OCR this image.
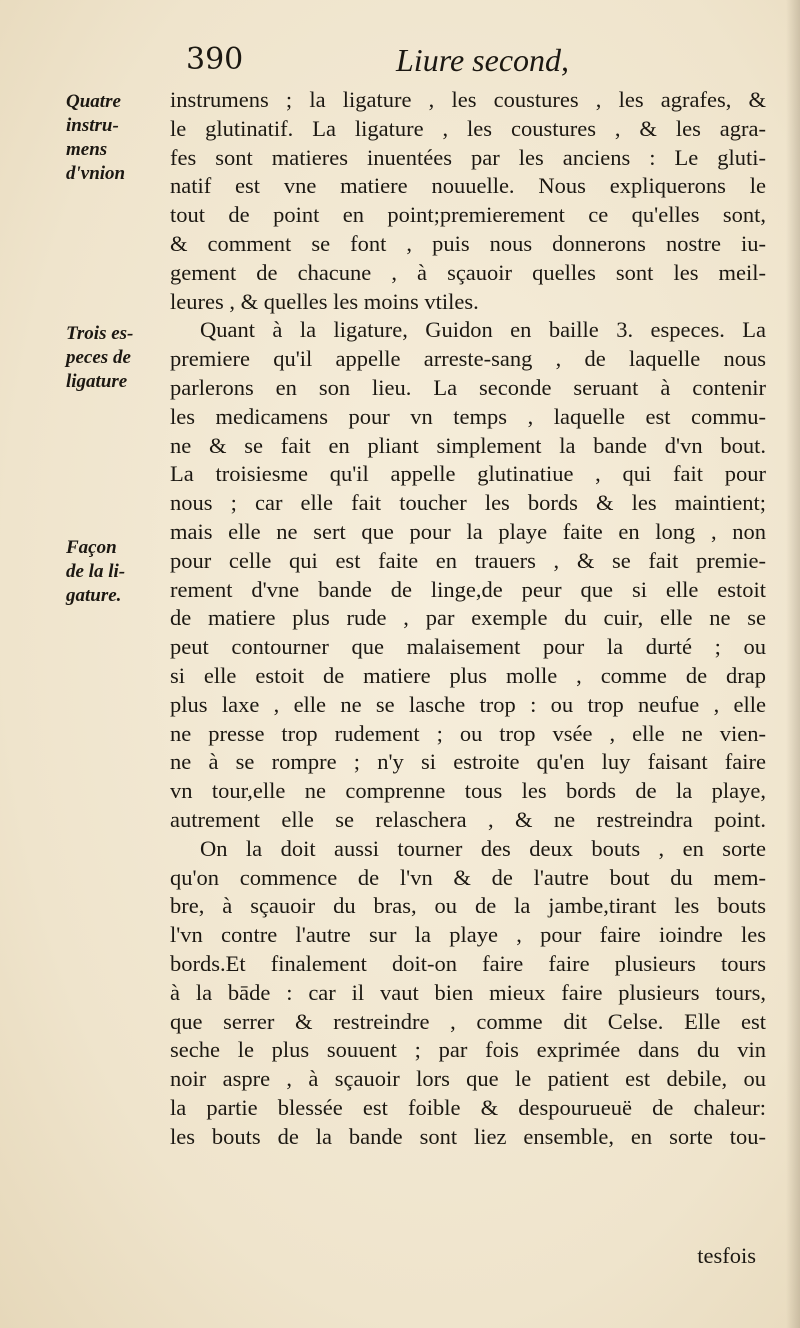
390	Liure second,
Quatre
instru-
mens
d'vnion
Trois es-
peces de
ligature
Façon
de la li-
gature.
instrumens ; la ligature , les coustures , les agrafes, &
le glutinatif. La ligature , les coustures , & les agra-
fes sont matieres inuentées par les anciens : Le gluti-
natif est vne matiere nouuelle. Nous expliquerons le
tout de point en point;premierement ce qu'elles sont,
& comment se font , puis nous donnerons nostre iu-
gement de chacune , à sçauoir quelles sont les meil-
leures , & quelles les moins vtiles.
Quant à la ligature, Guidon en baille 3. especes. La
premiere qu'il appelle arreste-sang , de laquelle nous
parlerons en son lieu. La seconde seruant à contenir
les medicamens pour vn temps , laquelle est commu-
ne & se fait en pliant simplement la bande d'vn bout.
La troisiesme qu'il appelle glutinatiue , qui fait pour
nous ; car elle fait toucher les bords & les maintient;
mais elle ne sert que pour la playe faite en long , non
pour celle qui est faite en trauers , & se fait premie-
rement d'vne bande de linge,de peur que si elle estoit
de matiere plus rude , par exemple du cuir, elle ne se
peut contourner que malaisement pour la durté ; ou
si elle estoit de matiere plus molle , comme de drap
plus laxe , elle ne se lasche trop : ou trop neufue , elle
ne presse trop rudement ; ou trop vsée , elle ne vien-
ne à se rompre ; n'y si estroite qu'en luy faisant faire
vn tour,elle ne comprenne tous les bords de la playe,
autrement elle se relaschera , & ne restreindra point.
On la doit aussi tourner des deux bouts , en sorte
qu'on commence de l'vn & de l'autre bout du mem-
bre, à sçauoir du bras, ou de la jambe,tirant les bouts
l'vn contre l'autre sur la playe , pour faire ioindre les
bords.Et finalement doit-on faire faire plusieurs tours
à la bāde : car il vaut bien mieux faire plusieurs tours,
que serrer & restreindre , comme dit Celse. Elle est
seche le plus souuent ; par fois exprimée dans du vin
noir aspre , à sçauoir lors que le patient est debile, ou
la partie blessée est foible & despourueuë de chaleur:
les bouts de la bande sont liez ensemble, en sorte tou-
tesfois
